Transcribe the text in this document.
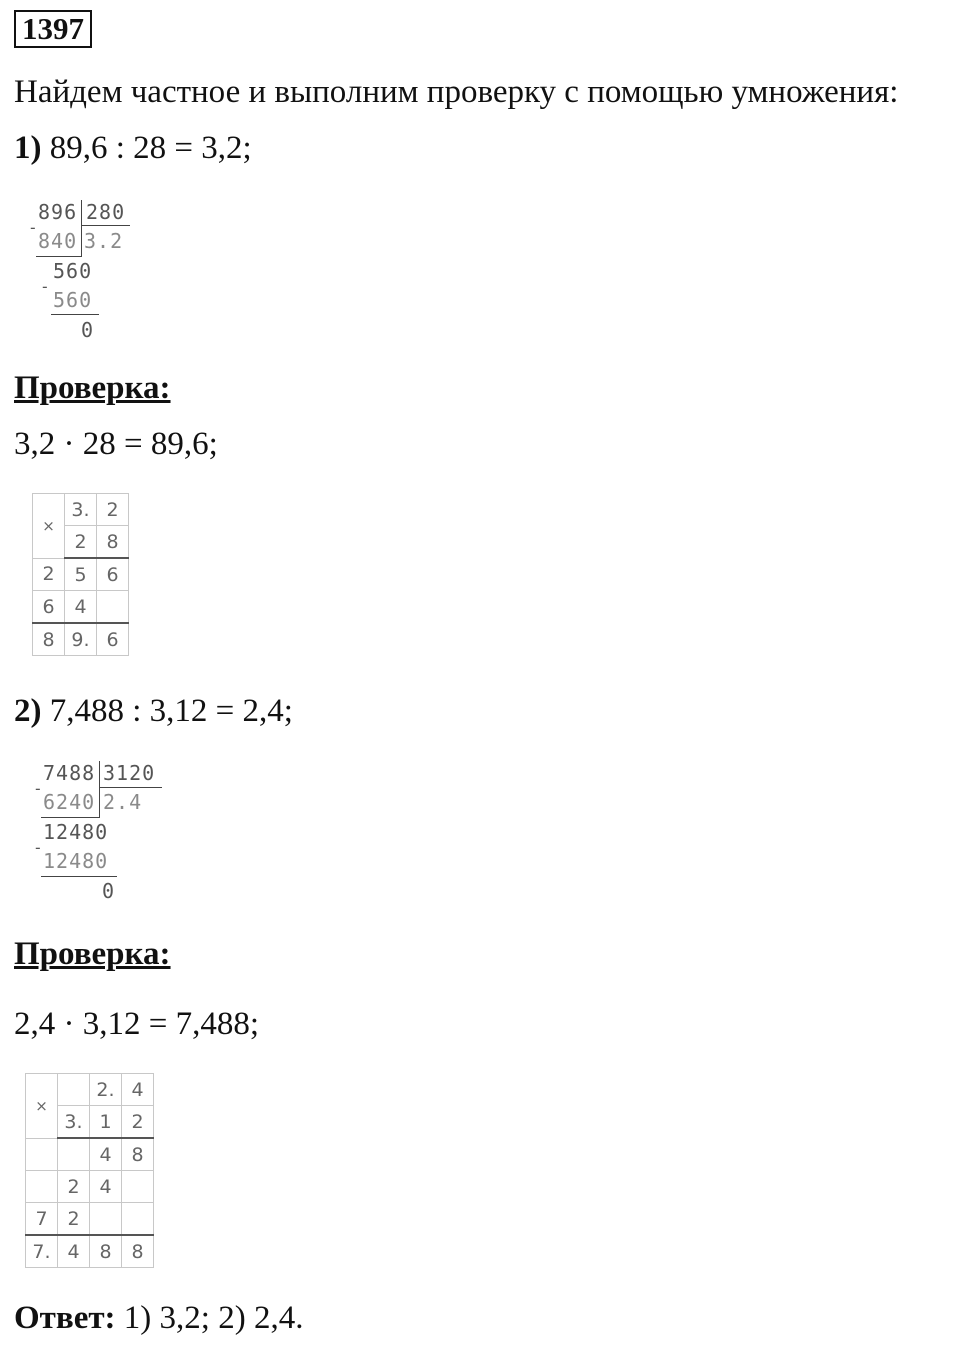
1397
Найдем частное и выполним проверку с помощью умножения:
1) 89,6 : 28 = 3,2;
896 280
-
840 3.2
560
-
560
0
Проверка:
3,2 · 28 = 89,6;
×	3.	2
	2	8
2	5	6
6	4	
8	9.	6
2) 7,488 : 3,12 = 2,4;
7488 3120
-
6240 2.4
12480
-
12480
0
Проверка:
2,4 · 3,12 = 7,488;
×		2.	4
	3.	1	2
		4	8
	2	4	
7	2		
7.	4	8	8
Ответ: 1) 3,2; 2) 2,4.
